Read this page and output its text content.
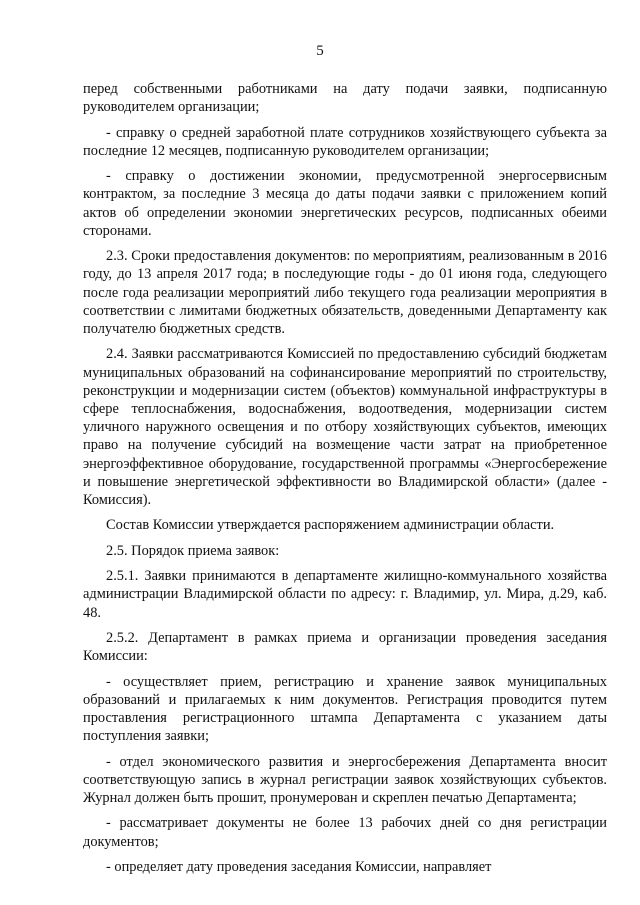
5

перед собственными работниками на дату подачи заявки, подписанную руководителем организации;

- справку о средней заработной плате сотрудников хозяйствующего субъекта за последние 12 месяцев, подписанную руководителем организации;

- справку о достижении экономии, предусмотренной энергосервисным контрактом, за последние 3 месяца до даты подачи заявки с приложением копий актов об определении экономии энергетических ресурсов, подписанных обеими сторонами.

2.3. Сроки предоставления документов: по мероприятиям, реализованным в 2016 году, до 13 апреля 2017 года; в последующие годы - до 01 июня года, следующего после года реализации мероприятий либо текущего года реализации мероприятия в соответствии с лимитами бюджетных обязательств, доведенными Департаменту как получателю бюджетных средств.

2.4. Заявки рассматриваются Комиссией по предоставлению субсидий бюджетам муниципальных образований на софинансирование мероприятий по строительству, реконструкции и модернизации систем (объектов) коммунальной инфраструктуры в сфере теплоснабжения, водоснабжения, водоотведения, модернизации систем уличного наружного освещения и по отбору хозяйствующих субъектов, имеющих право на получение субсидий на возмещение части затрат на приобретенное энергоэффективное оборудование, государственной программы «Энергосбережение и повышение энергетической эффективности во Владимирской области» (далее - Комиссия).

Состав Комиссии утверждается распоряжением администрации области.

2.5. Порядок приема заявок:

2.5.1. Заявки принимаются в департаменте жилищно-коммунального хозяйства администрации Владимирской области по адресу: г. Владимир, ул. Мира, д.29, каб. 48.

2.5.2. Департамент в рамках приема и организации проведения заседания Комиссии:

- осуществляет прием, регистрацию и хранение заявок муниципальных образований и прилагаемых к ним документов. Регистрация проводится путем проставления регистрационного штампа Департамента с указанием даты поступления заявки;

- отдел экономического развития и энергосбережения Департамента вносит соответствующую запись в журнал регистрации заявок хозяйствующих субъектов. Журнал должен быть прошит, пронумерован и скреплен печатью Департамента;

- рассматривает документы не более 13 рабочих дней со дня регистрации документов;

- определяет дату проведения заседания Комиссии, направляет
